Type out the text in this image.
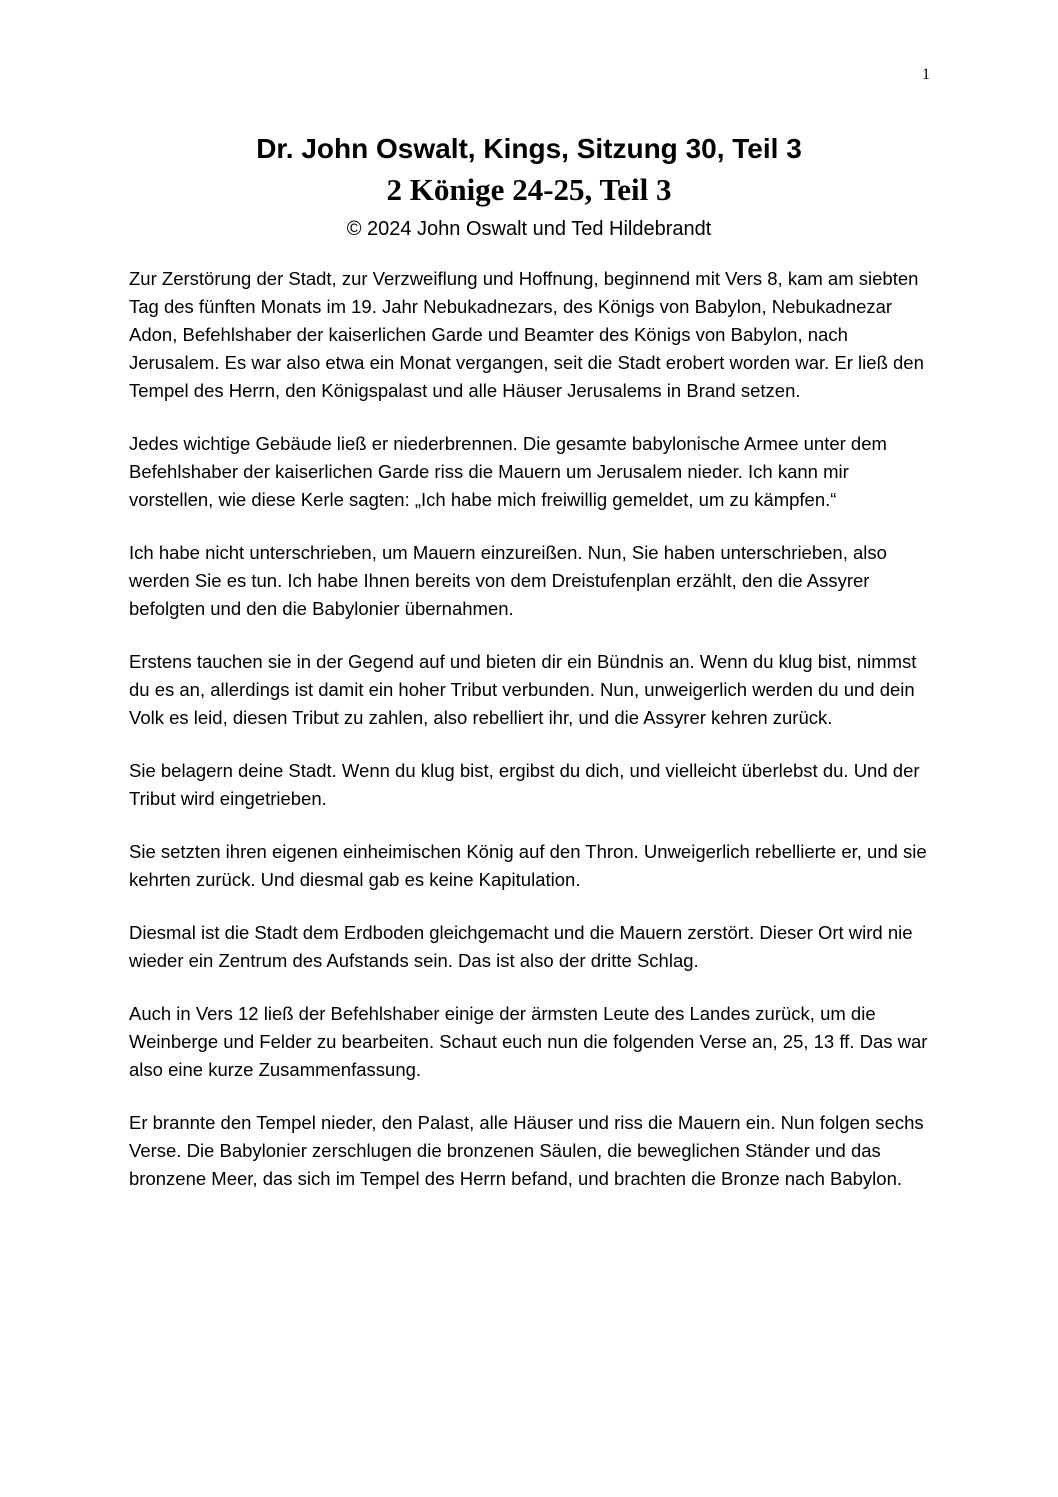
1
Dr. John Oswalt, Kings, Sitzung 30, Teil 3
2 Könige 24-25, Teil 3
© 2024 John Oswalt und Ted Hildebrandt

Zur Zerstörung der Stadt, zur Verzweiflung und Hoffnung, beginnend mit Vers 8, kam am siebten Tag des fünften Monats im 19. Jahr Nebukadnezars, des Königs von Babylon, Nebukadnezar Adon, Befehlshaber der kaiserlichen Garde und Beamter des Königs von Babylon, nach Jerusalem. Es war also etwa ein Monat vergangen, seit die Stadt erobert worden war. Er ließ den Tempel des Herrn, den Königspalast und alle Häuser Jerusalems in Brand setzen.

Jedes wichtige Gebäude ließ er niederbrennen. Die gesamte babylonische Armee unter dem Befehlshaber der kaiserlichen Garde riss die Mauern um Jerusalem nieder. Ich kann mir vorstellen, wie diese Kerle sagten: „Ich habe mich freiwillig gemeldet, um zu kämpfen.“

Ich habe nicht unterschrieben, um Mauern einzureißen. Nun, Sie haben unterschrieben, also werden Sie es tun. Ich habe Ihnen bereits von dem Dreistufenplan erzählt, den die Assyrer befolgten und den die Babylonier übernahmen.

Erstens tauchen sie in der Gegend auf und bieten dir ein Bündnis an. Wenn du klug bist, nimmst du es an, allerdings ist damit ein hoher Tribut verbunden. Nun, unweigerlich werden du und dein Volk es leid, diesen Tribut zu zahlen, also rebelliert ihr, und die Assyrer kehren zurück.

Sie belagern deine Stadt. Wenn du klug bist, ergibst du dich, und vielleicht überlebst du. Und der Tribut wird eingetrieben.

Sie setzten ihren eigenen einheimischen König auf den Thron. Unweigerlich rebellierte er, und sie kehrten zurück. Und diesmal gab es keine Kapitulation.

Diesmal ist die Stadt dem Erdboden gleichgemacht und die Mauern zerstört. Dieser Ort wird nie wieder ein Zentrum des Aufstands sein. Das ist also der dritte Schlag.

Auch in Vers 12 ließ der Befehlshaber einige der ärmsten Leute des Landes zurück, um die Weinberge und Felder zu bearbeiten. Schaut euch nun die folgenden Verse an, 25, 13 ff. Das war also eine kurze Zusammenfassung.

Er brannte den Tempel nieder, den Palast, alle Häuser und riss die Mauern ein. Nun folgen sechs Verse. Die Babylonier zerschlugen die bronzenen Säulen, die beweglichen Ständer und das bronzene Meer, das sich im Tempel des Herrn befand, und brachten die Bronze nach Babylon.
